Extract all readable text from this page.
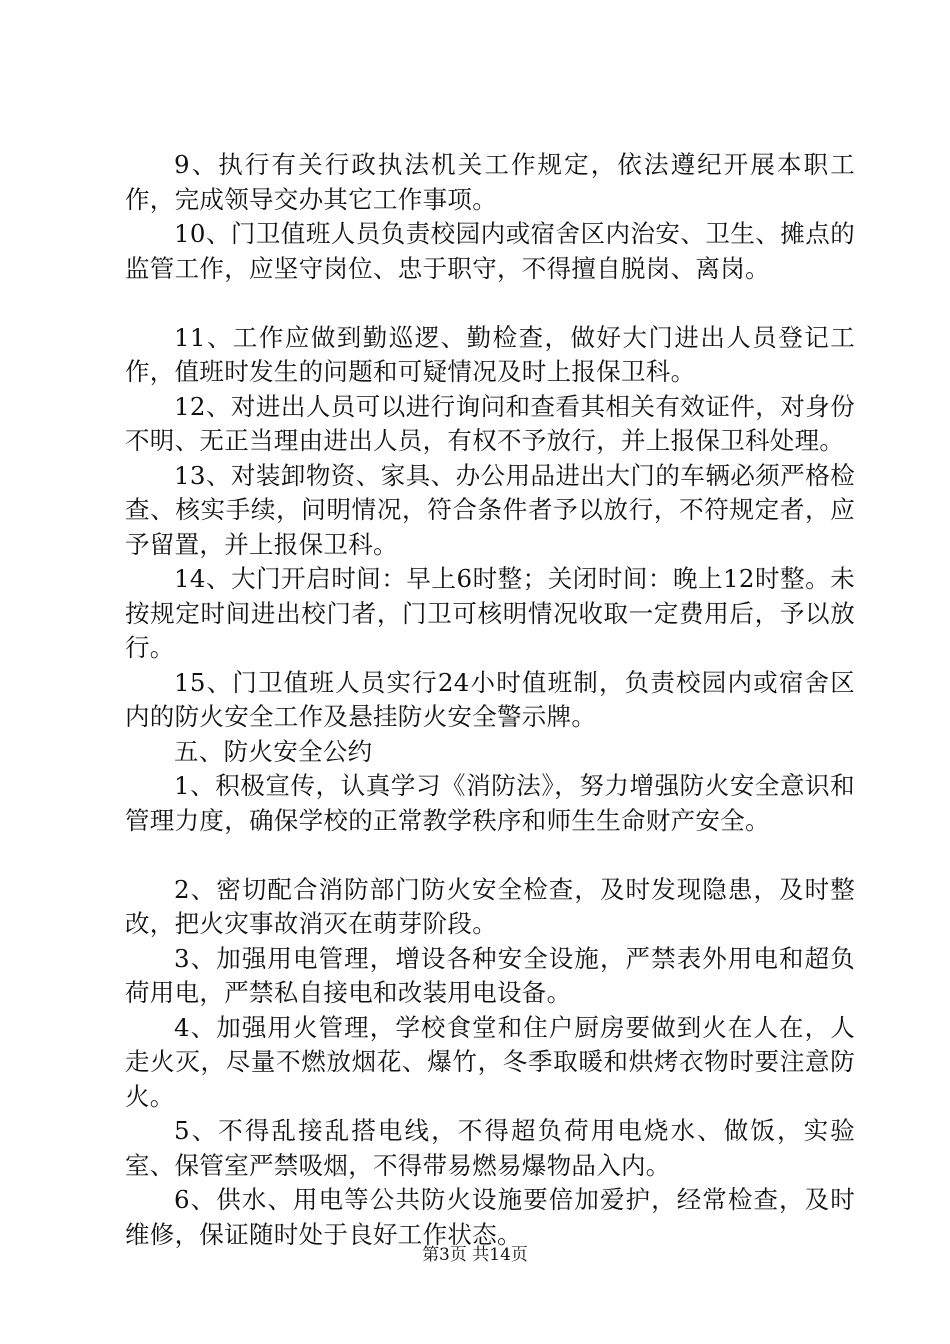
9、执行有关行政执法机关工作规定，依法遵纪开展本职工作，完成领导交办其它工作事项。

10、门卫值班人员负责校园内或宿舍区内治安、卫生、摊点的监管工作，应坚守岗位、忠于职守，不得擅自脱岗、离岗。

11、工作应做到勤巡逻、勤检查，做好大门进出人员登记工作，值班时发生的问题和可疑情况及时上报保卫科。

12、对进出人员可以进行询问和查看其相关有效证件，对身份不明、无正当理由进出人员，有权不予放行，并上报保卫科处理。

13、对装卸物资、家具、办公用品进出大门的车辆必须严格检查、核实手续，问明情况，符合条件者予以放行，不符规定者，应予留置，并上报保卫科。

14、大门开启时间：早上6时整；关闭时间：晚上12时整。未按规定时间进出校门者，门卫可核明情况收取一定费用后，予以放行。

15、门卫值班人员实行24小时值班制，负责校园内或宿舍区内的防火安全工作及悬挂防火安全警示牌。

五、防火安全公约

1、积极宣传，认真学习《消防法》，努力增强防火安全意识和管理力度，确保学校的正常教学秩序和师生生命财产安全。

2、密切配合消防部门防火安全检查，及时发现隐患，及时整改，把火灾事故消灭在萌芽阶段。

3、加强用电管理，增设各种安全设施，严禁表外用电和超负荷用电，严禁私自接电和改装用电设备。

4、加强用火管理，学校食堂和住户厨房要做到火在人在，人走火灭，尽量不燃放烟花、爆竹，冬季取暖和烘烤衣物时要注意防火。

5、不得乱接乱搭电线，不得超负荷用电烧水、做饭，实验室、保管室严禁吸烟，不得带易燃易爆物品入内。

6、供水、用电等公共防火设施要倍加爱护，经常检查，及时维修，保证随时处于良好工作状态。

第3页 共14页
